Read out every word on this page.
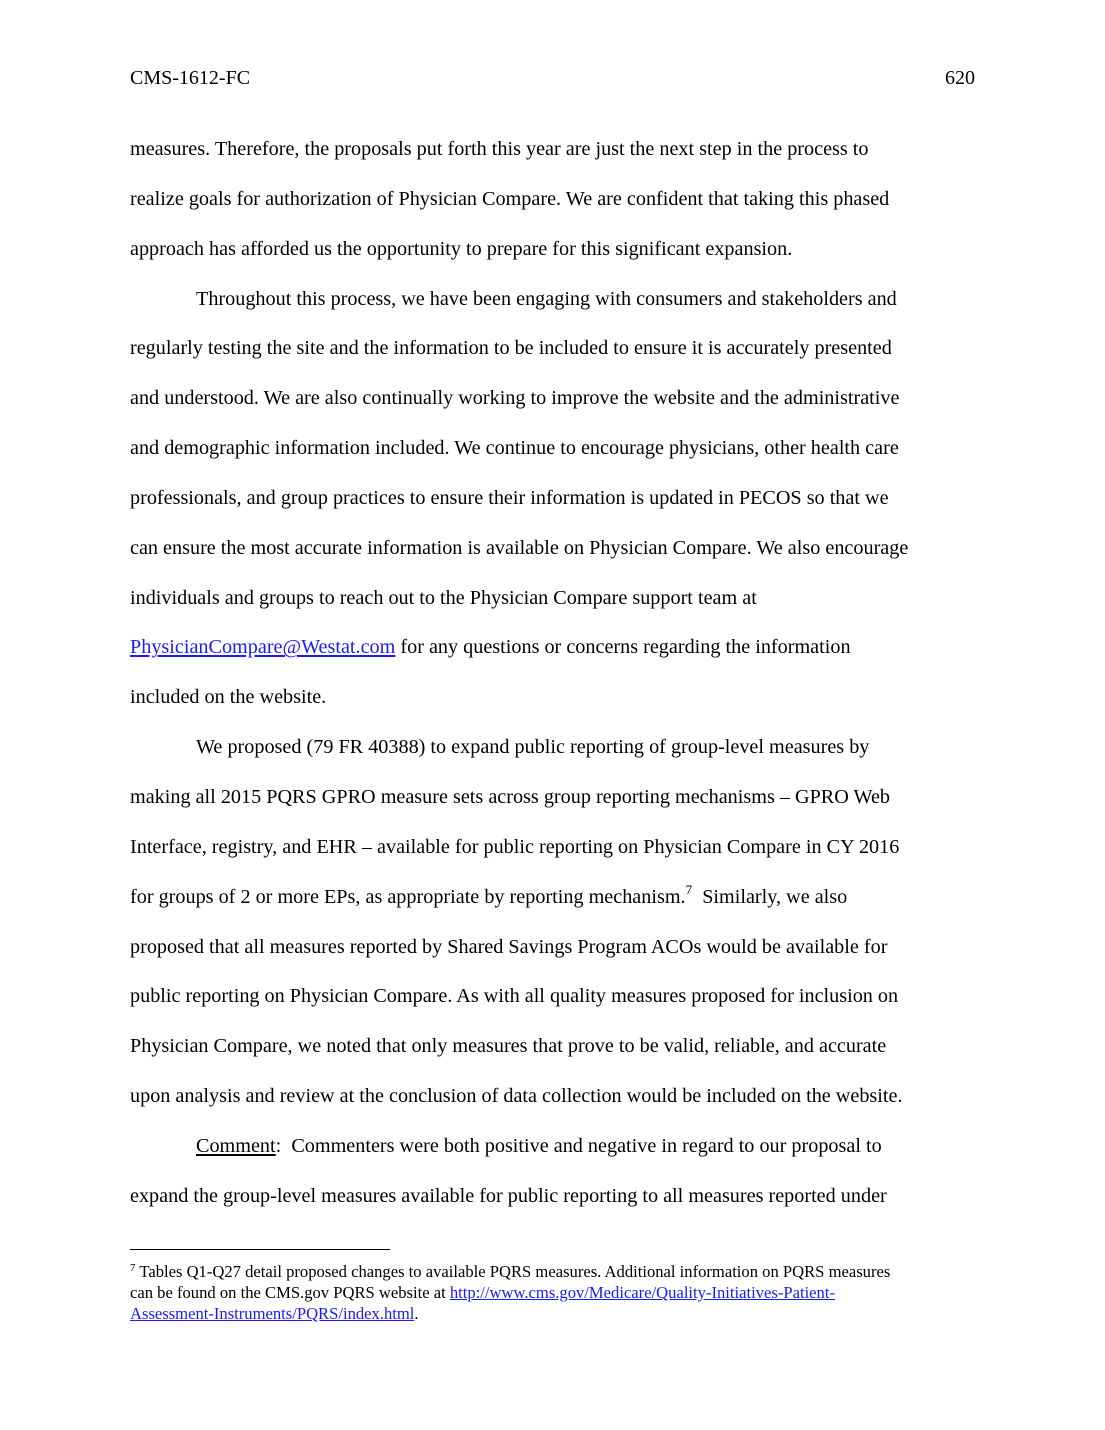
CMS-1612-FC	620

measures. Therefore, the proposals put forth this year are just the next step in the process to
realize goals for authorization of Physician Compare. We are confident that taking this phased
approach has afforded us the opportunity to prepare for this significant expansion.

Throughout this process, we have been engaging with consumers and stakeholders and
regularly testing the site and the information to be included to ensure it is accurately presented
and understood. We are also continually working to improve the website and the administrative
and demographic information included. We continue to encourage physicians, other health care
professionals, and group practices to ensure their information is updated in PECOS so that we
can ensure the most accurate information is available on Physician Compare. We also encourage
individuals and groups to reach out to the Physician Compare support team at
PhysicianCompare@Westat.com for any questions or concerns regarding the information
included on the website.

We proposed (79 FR 40388) to expand public reporting of group-level measures by
making all 2015 PQRS GPRO measure sets across group reporting mechanisms – GPRO Web
Interface, registry, and EHR – available for public reporting on Physician Compare in CY 2016
for groups of 2 or more EPs, as appropriate by reporting mechanism.$^7$  Similarly, we also
proposed that all measures reported by Shared Savings Program ACOs would be available for
public reporting on Physician Compare. As with all quality measures proposed for inclusion on
Physician Compare, we noted that only measures that prove to be valid, reliable, and accurate
upon analysis and review at the conclusion of data collection would be included on the website.

Comment:  Commenters were both positive and negative in regard to our proposal to
expand the group-level measures available for public reporting to all measures reported under

$^7$ Tables Q1-Q27 detail proposed changes to available PQRS measures. Additional information on PQRS measures
can be found on the CMS.gov PQRS website at http://www.cms.gov/Medicare/Quality-Initiatives-Patient-
Assessment-Instruments/PQRS/index.html.
